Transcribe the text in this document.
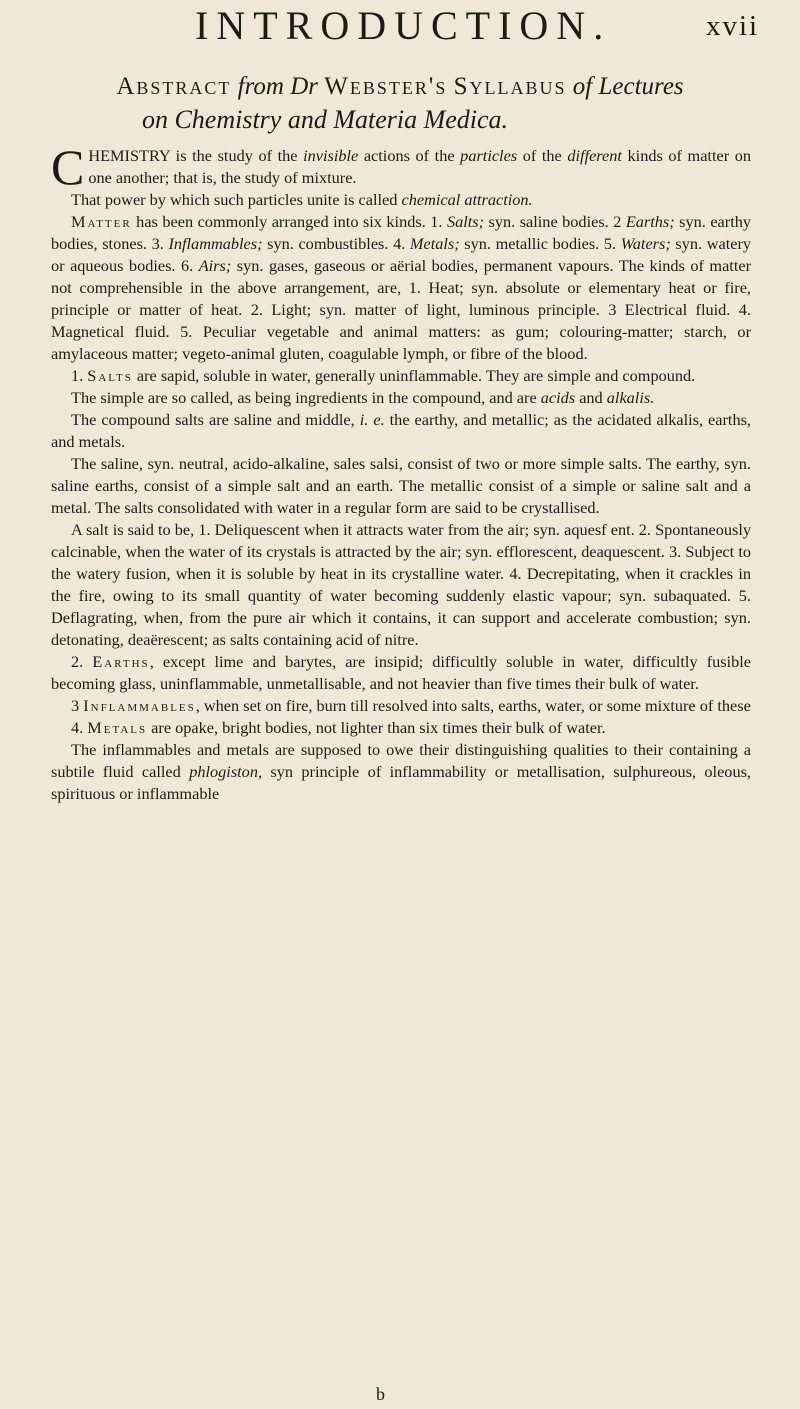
INTRODUCTION.	xvii
Abstract from Dr Webster's Syllabus of Lectures
on Chemistry and Materia Medica.

CHEMISTRY is the study of the invisible actions of the particles of the different kinds of matter on one another; that is, the study of mixture.

That power by which such particles unite is called chemical attraction.

Matter has been commonly arranged into six kinds. 1. Salts; syn. saline bodies. 2 Earths; syn. earthy bodies, stones. 3. Inflammables; syn. combustibles. 4. Metals; syn. metallic bodies. 5. Waters; syn. watery or aqueous bodies. 6. Airs; syn. gases, gaseous or aërial bodies, permanent vapours. The kinds of matter not comprehensible in the above arrangement, are, 1. Heat; syn. absolute or elementary heat or fire, principle or matter of heat. 2. Light; syn. matter of light, luminous principle. 3 Electrical fluid. 4. Magnetical fluid. 5. Peculiar vegetable and animal matters: as gum; colouring-matter; starch, or amylaceous matter; vegeto-animal gluten, coagulable lymph, or fibre of the blood.

1. Salts are sapid, soluble in water, generally uninflammable. They are simple and compound.

The simple are so called, as being ingredients in the compound, and are acids and alkalis.

The compound salts are saline and middle, i. e. the earthy, and metallic; as the acidated alkalis, earths, and metals.

The saline, syn. neutral, acido-alkaline, sales salsi, consist of two or more simple salts. The earthy, syn. saline earths, consist of a simple salt and an earth. The metallic consist of a simple or saline salt and a metal. The salts consolidated with water in a regular form are said to be crystallised.

A salt is said to be, 1. Deliquescent when it attracts water from the air; syn. aquesf ent. 2. Spontaneously calcinable, when the water of its crystals is attracted by the air; syn. efflorescent, deaquescent. 3. Subject to the watery fusion, when it is soluble by heat in its crystalline water. 4. Decrepitating, when it crackles in the fire, owing to its small quantity of water becoming suddenly elastic vapour; syn. subaquated. 5. Deflagrating, when, from the pure air which it contains, it can support and accelerate combustion; syn. detonating, deaërescent; as salts containing acid of nitre.

2. Earths, except lime and barytes, are insipid; difficultly soluble in water, difficultly fusible becoming glass, uninflammable, unmetallisable, and not heavier than five times their bulk of water.

3 Inflammables, when set on fire, burn till resolved into salts, earths, water, or some mixture of these

4. Metals are opake, bright bodies, not lighter than six times their bulk of water.

The inflammables and metals are supposed to owe their distinguishing qualities to their containing a subtile fluid called phlogiston, syn principle of inflammability or metallisation, sulphureous, oleous, spirituous or inflammable

b
